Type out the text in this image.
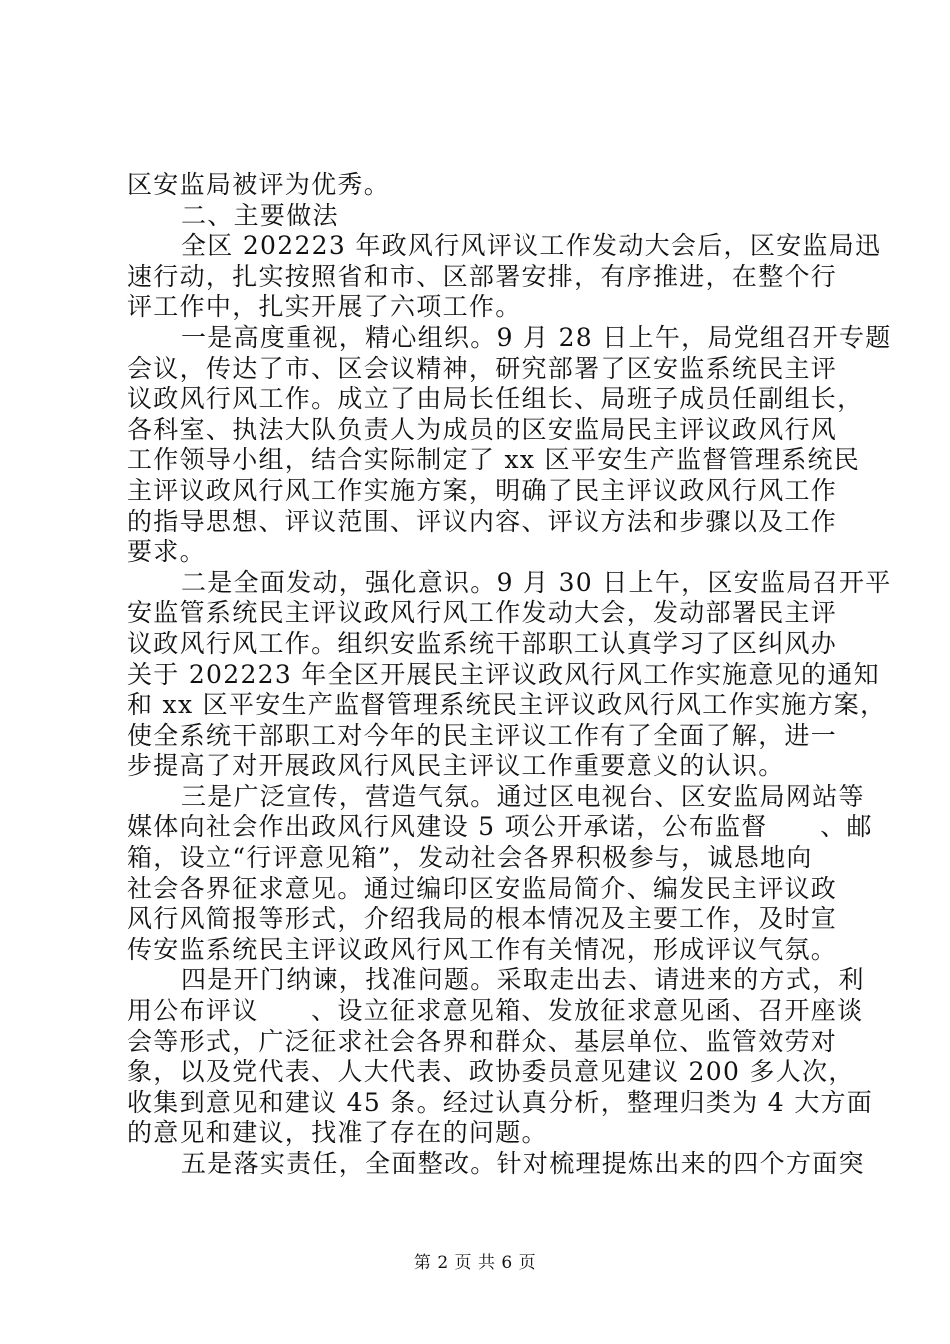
区安监局被评为优秀。
二、主要做法
全区 202223 年政风行风评议工作发动大会后，区安监局迅
速行动，扎实按照省和市、区部署安排，有序推进，在整个行
评工作中，扎实开展了六项工作。
一是高度重视，精心组织。9 月 28 日上午，局党组召开专题
会议，传达了市、区会议精神，研究部署了区安监系统民主评
议政风行风工作。成立了由局长任组长、局班子成员任副组长，
各科室、执法大队负责人为成员的区安监局民主评议政风行风
工作领导小组，结合实际制定了 xx 区平安生产监督管理系统民
主评议政风行风工作实施方案，明确了民主评议政风行风工作
的指导思想、评议范围、评议内容、评议方法和步骤以及工作
要求。
二是全面发动，强化意识。9 月 30 日上午，区安监局召开平
安监管系统民主评议政风行风工作发动大会，发动部署民主评
议政风行风工作。组织安监系统干部职工认真学习了区纠风办
关于 202223 年全区开展民主评议政风行风工作实施意见的通知
和 xx 区平安生产监督管理系统民主评议政风行风工作实施方案，
使全系统干部职工对今年的民主评议工作有了全面了解，进一
步提高了对开展政风行风民主评议工作重要意义的认识。
三是广泛宣传，营造气氛。通过区电视台、区安监局网站等
媒体向社会作出政风行风建设 5 项公开承诺，公布监督　　、邮
箱，设立“行评意见箱”，发动社会各界积极参与，诚恳地向
社会各界征求意见。通过编印区安监局简介、编发民主评议政
风行风简报等形式，介绍我局的根本情况及主要工作，及时宣
传安监系统民主评议政风行风工作有关情况，形成评议气氛。
四是开门纳谏，找准问题。采取走出去、请进来的方式，利
用公布评议　　、设立征求意见箱、发放征求意见函、召开座谈
会等形式，广泛征求社会各界和群众、基层单位、监管效劳对
象，以及党代表、人大代表、政协委员意见建议 200 多人次，
收集到意见和建议 45 条。经过认真分析，整理归类为 4 大方面
的意见和建议，找准了存在的问题。
五是落实责任，全面整改。针对梳理提炼出来的四个方面突
第 2 页 共 6 页
